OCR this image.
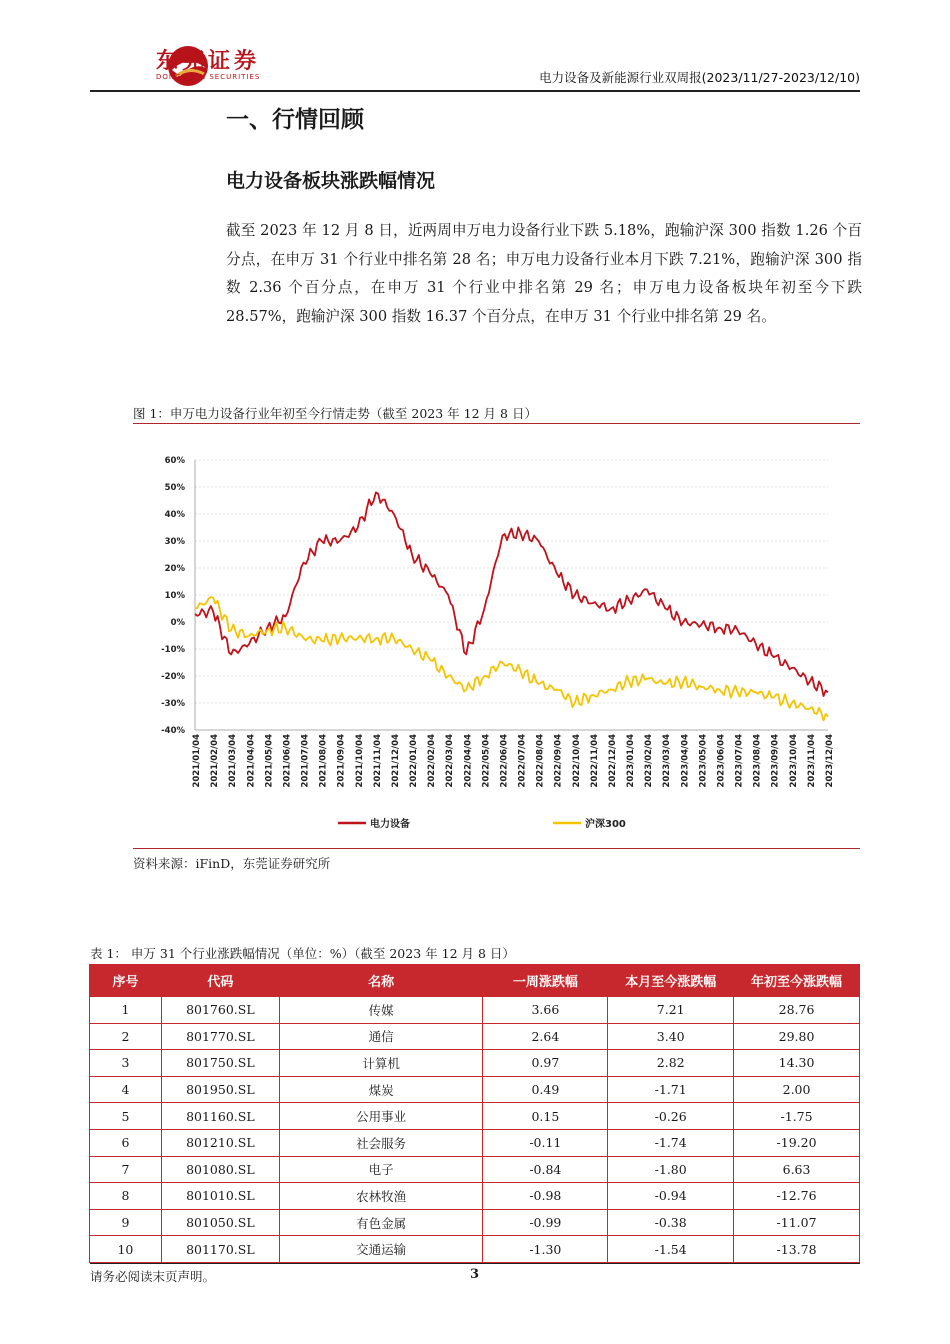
东莞证券
DONGGUAN SECURITIES	电力设备及新能源行业双周报(2023/11/27-2023/12/10)
一、行情回顾
电力设备板块涨跌幅情况
截至 2023 年 12 月 8 日，近两周申万电力设备行业下跌 5.18%，跑输沪深 300 指数 1.26 个百分点，在申万 31 个行业中排名第 28 名；申万电力设备行业本月下跌 7.21%，跑输沪深 300 指数 2.36 个百分点，在申万 31 个行业中排名第 29 名；申万电力设备板块年初至今下跌 28.57%，跑输沪深 300 指数 16.37 个百分点，在申万 31 个行业中排名第 29 名。
图 1：申万电力设备行业年初至今行情走势（截至 2023 年 12 月 8 日）
60%
50%
40%
30%
20%
10%
0%
-10%
-20%
-30%
-40%
2021/01/04 2021/02/04 2021/03/04 2021/04/04 2021/05/04 2021/06/04 2021/07/04 2021/08/04 2021/09/04 2021/10/04 2021/11/04 2021/12/04 2022/01/04 2022/02/04 2022/03/04 2022/04/04 2022/05/04 2022/06/04 2022/07/04 2022/08/04 2022/09/04 2022/10/04 2022/11/04 2022/12/04 2023/01/04 2023/02/04 2023/03/04 2023/04/04 2023/05/04 2023/06/04 2023/07/04 2023/08/04 2023/09/04 2023/10/04 2023/11/04 2023/12/04
电力设备	沪深300
资料来源：iFinD，东莞证券研究所
表 1： 申万 31 个行业涨跌幅情况（单位：%）（截至 2023 年 12 月 8 日）
序号	代码	名称	一周涨跌幅	本月至今涨跌幅	年初至今涨跌幅
1	801760.SL	传媒	3.66	7.21	28.76
2	801770.SL	通信	2.64	3.40	29.80
3	801750.SL	计算机	0.97	2.82	14.30
4	801950.SL	煤炭	0.49	-1.71	2.00
5	801160.SL	公用事业	0.15	-0.26	-1.75
6	801210.SL	社会服务	-0.11	-1.74	-19.20
7	801080.SL	电子	-0.84	-1.80	6.63
8	801010.SL	农林牧渔	-0.98	-0.94	-12.76
9	801050.SL	有色金属	-0.99	-0.38	-11.07
10	801170.SL	交通运输	-1.30	-1.54	-13.78
请务必阅读末页声明。	3
